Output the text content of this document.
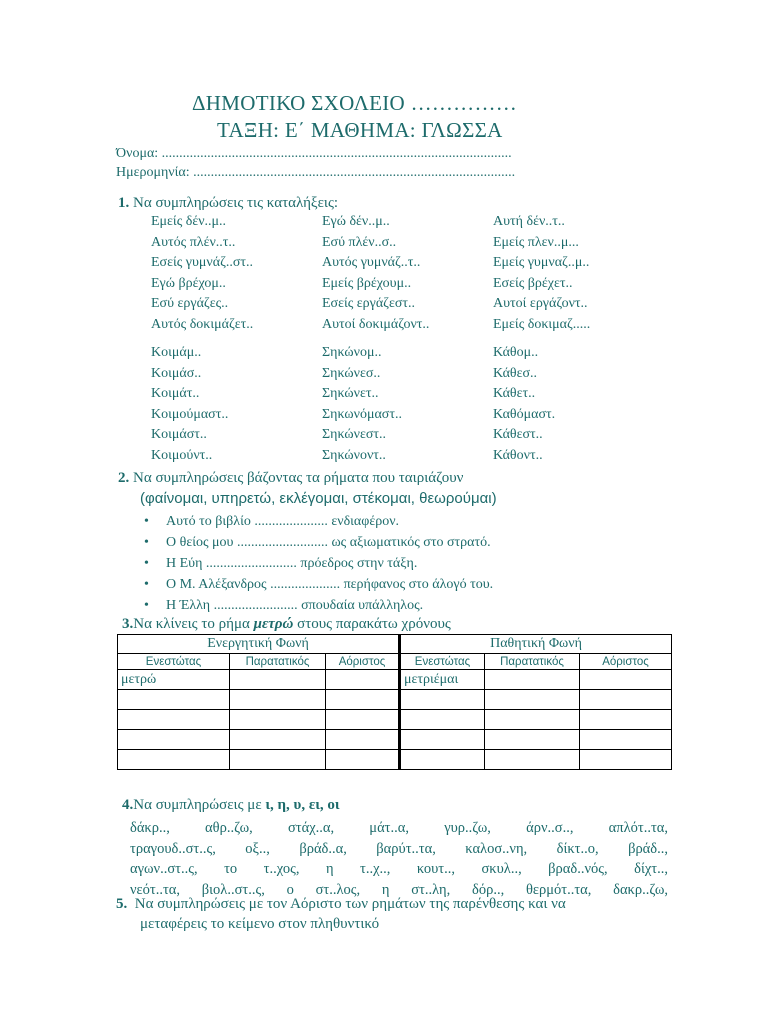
ΔΗΜΟΤΙΚΟ ΣΧΟΛΕΙΟ ……………
ΤΑΞΗ: Ε΄ ΜΑΘΗΜΑ: ΓΛΩΣΣΑ
Όνομα: ....................................................................................................
Ημερομηνία: ............................................................................................
1. Να συμπληρώσεις τις καταλήξεις:
Εμείς δέν..μ..	Εγώ δέν..μ..	Αυτή δέν..τ..
Αυτός πλέν..τ..	Εσύ πλέν..σ..	Εμείς πλεν..μ...
Εσείς γυμνάζ..στ..	Αυτός γυμνάζ..τ..	Εμείς γυμναζ..μ..
Εγώ βρέχομ..	Εμείς βρέχουμ..	Εσείς βρέχετ..
Εσύ εργάζες..	Εσείς εργάζεστ..	Αυτοί εργάζοντ..
Αυτός δοκιμάζετ..	Αυτοί δοκιμάζοντ..	Εμείς δοκιμαζ.....
Κοιμάμ..	Σηκώνομ..	Κάθομ..
Κοιμάσ..	Σηκώνεσ..	Κάθεσ..
Κοιμάτ..	Σηκώνετ..	Κάθετ..
Κοιμούμαστ..	Σηκωνόμαστ..	Καθόμαστ.
Κοιμάστ..	Σηκώνεστ..	Κάθεστ..
Κοιμούντ..	Σηκώνοντ..	Κάθοντ..
2. Να συμπληρώσεις βάζοντας τα ρήματα που ταιριάζουν
(φαίνομαι, υπηρετώ, εκλέγομαι, στέκομαι, θεωρούμαι)
• Αυτό το βιβλίο ..................... ενδιαφέρον.
• Ο θείος μου .......................... ως αξιωματικός στο στρατό.
• Η Εύη .......................... πρόεδρος στην τάξη.
• Ο Μ. Αλέξανδρος .................... περήφανος στο άλογό του.
• Η Έλλη ........................ σπουδαία υπάλληλος.
3.Να κλίνεις το ρήμα μετρώ στους παρακάτω χρόνους
Ενεργητική Φωνή			Παθητική Φωνή		
Ενεστώτας	Παρατατικός	Αόριστος	Ενεστώτας	Παρατατικός	Αόριστος
μετρώ			μετριέμαι		

4.Να συμπληρώσεις με ι, η, υ, ει, οι
δάκρ.., αθρ..ζω, στάχ..α, μάτ..α, γυρ..ζω, άρν..σ.., απλότ..τα,
τραγουδ..στ..ς, οξ.., βράδ..α, βαρύτ..τα, καλοσ..νη, δίκτ..ο, βράδ..,
αγων..στ..ς, το τ..χος, η τ..χ.., κουτ.., σκυλ.., βραδ..νός, δίχτ..,
νεότ..τα, βιολ..στ..ς, ο στ..λος, η στ..λη, δόρ.., θερμότ..τα, δακρ..ζω,
5. Να συμπληρώσεις με τον Αόριστο των ρημάτων της παρένθεσης και να
μεταφέρεις το κείμενο στον πληθυντικό
